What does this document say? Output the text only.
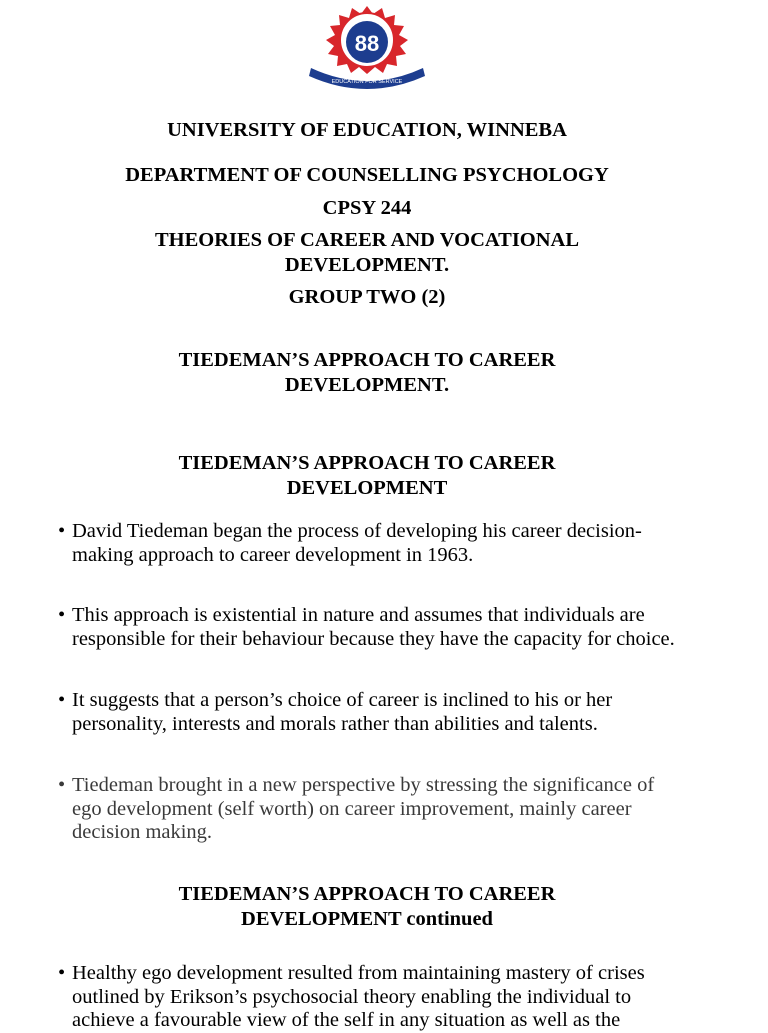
88
EDUCATION FOR SERVICE
UNIVERSITY OF EDUCATION, WINNEBA
DEPARTMENT OF COUNSELLING PSYCHOLOGY
CPSY 244
THEORIES OF CAREER AND VOCATIONAL
DEVELOPMENT.
GROUP TWO (2)
TIEDEMAN’S APPROACH TO CAREER
DEVELOPMENT.
TIEDEMAN’S APPROACH TO CAREER
DEVELOPMENT
• David Tiedeman began the process of developing his career decision-
making approach to career development in 1963.
• This approach is existential in nature and assumes that individuals are
responsible for their behaviour because they have the capacity for choice.
• It suggests that a person’s choice of career is inclined to his or her
personality, interests and morals rather than abilities and talents.
• Tiedeman brought in a new perspective by stressing the significance of
ego development (self worth) on career improvement, mainly career
decision making.
TIEDEMAN’S APPROACH TO CAREER
DEVELOPMENT continued
• Healthy ego development resulted from maintaining mastery of crises
outlined by Erikson’s psychosocial theory enabling the individual to
achieve a favourable view of the self in any situation as well as the
